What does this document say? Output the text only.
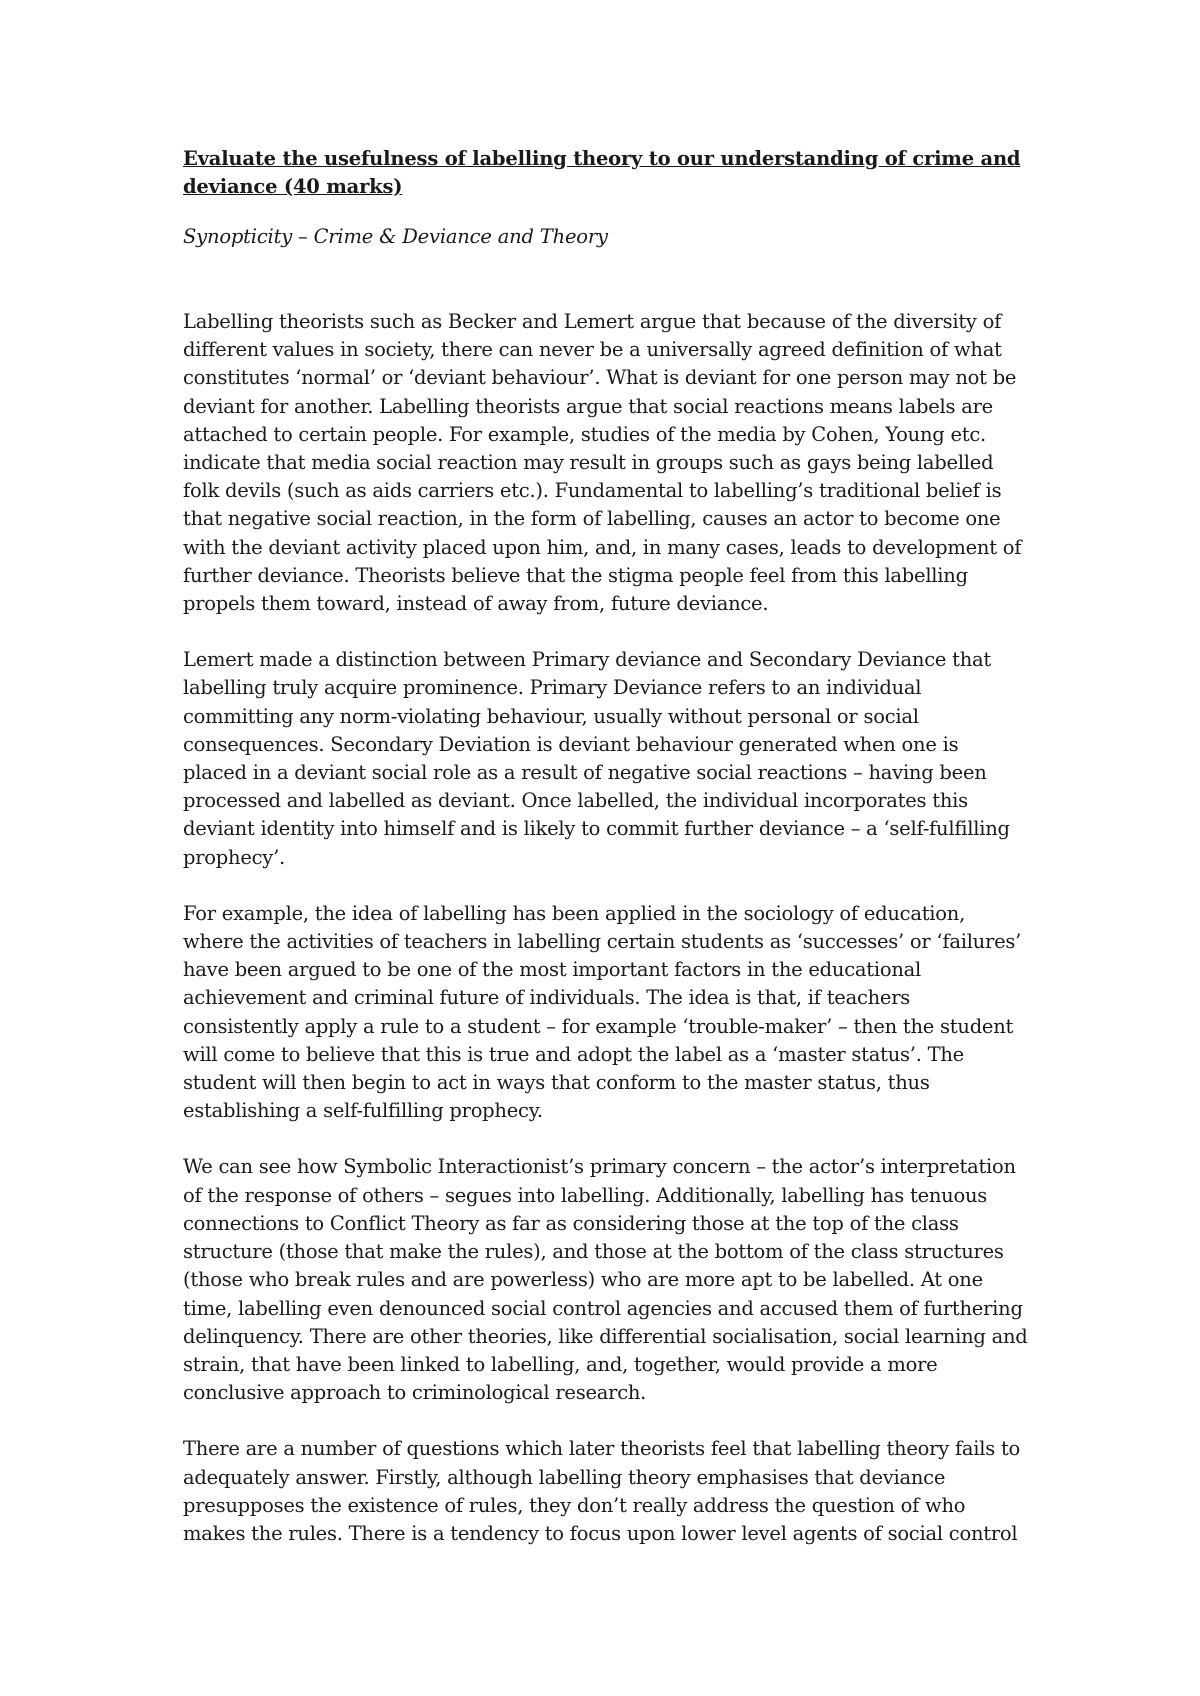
Evaluate the usefulness of labelling theory to our understanding of crime and deviance (40 marks)
Synopticity – Crime & Deviance and Theory

Labelling theorists such as Becker and Lemert argue that because of the diversity of different values in society, there can never be a universally agreed definition of what constitutes ‘normal’ or ‘deviant behaviour’. What is deviant for one person may not be deviant for another. Labelling theorists argue that social reactions means labels are attached to certain people. For example, studies of the media by Cohen, Young etc. indicate that media social reaction may result in groups such as gays being labelled folk devils (such as aids carriers etc.). Fundamental to labelling’s traditional belief is that negative social reaction, in the form of labelling, causes an actor to become one with the deviant activity placed upon him, and, in many cases, leads to development of further deviance. Theorists believe that the stigma people feel from this labelling propels them toward, instead of away from, future deviance.

Lemert made a distinction between Primary deviance and Secondary Deviance that labelling truly acquire prominence. Primary Deviance refers to an individual committing any norm-violating behaviour, usually without personal or social consequences. Secondary Deviation is deviant behaviour generated when one is placed in a deviant social role as a result of negative social reactions – having been processed and labelled as deviant. Once labelled, the individual incorporates this deviant identity into himself and is likely to commit further deviance – a ‘self-fulfilling prophecy’.

For example, the idea of labelling has been applied in the sociology of education, where the activities of teachers in labelling certain students as ‘successes’ or ‘failures’ have been argued to be one of the most important factors in the educational achievement and criminal future of individuals. The idea is that, if teachers consistently apply a rule to a student – for example ‘trouble-maker’ – then the student will come to believe that this is true and adopt the label as a ‘master status’. The student will then begin to act in ways that conform to the master status, thus establishing a self-fulfilling prophecy.

We can see how Symbolic Interactionist’s primary concern – the actor’s interpretation of the response of others – segues into labelling. Additionally, labelling has tenuous connections to Conflict Theory as far as considering those at the top of the class structure (those that make the rules), and those at the bottom of the class structures (those who break rules and are powerless) who are more apt to be labelled. At one time, labelling even denounced social control agencies and accused them of furthering delinquency. There are other theories, like differential socialisation, social learning and strain, that have been linked to labelling, and, together, would provide a more conclusive approach to criminological research.

There are a number of questions which later theorists feel that labelling theory fails to adequately answer. Firstly, although labelling theory emphasises that deviance presupposes the existence of rules, they don’t really address the question of who makes the rules. There is a tendency to focus upon lower level agents of social control
